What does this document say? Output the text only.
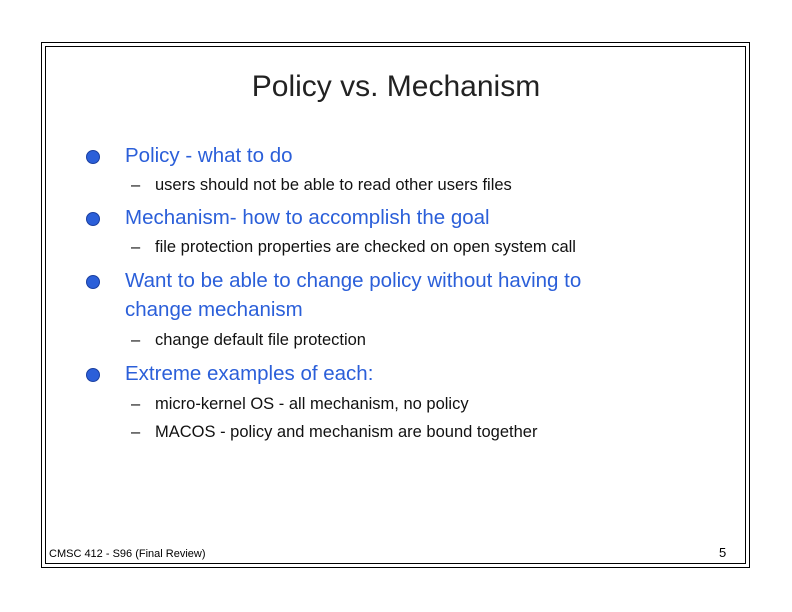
Policy vs. Mechanism
Policy - what to do
– users should not be able to read other users files
Mechanism- how to accomplish the goal
– file protection properties are checked on open system call
Want to be able to change policy without having to
change mechanism
– change default file protection
Extreme examples of each:
– micro-kernel OS - all mechanism, no policy
– MACOS - policy and mechanism are bound together
CMSC 412 - S96 (Final Review)	5
